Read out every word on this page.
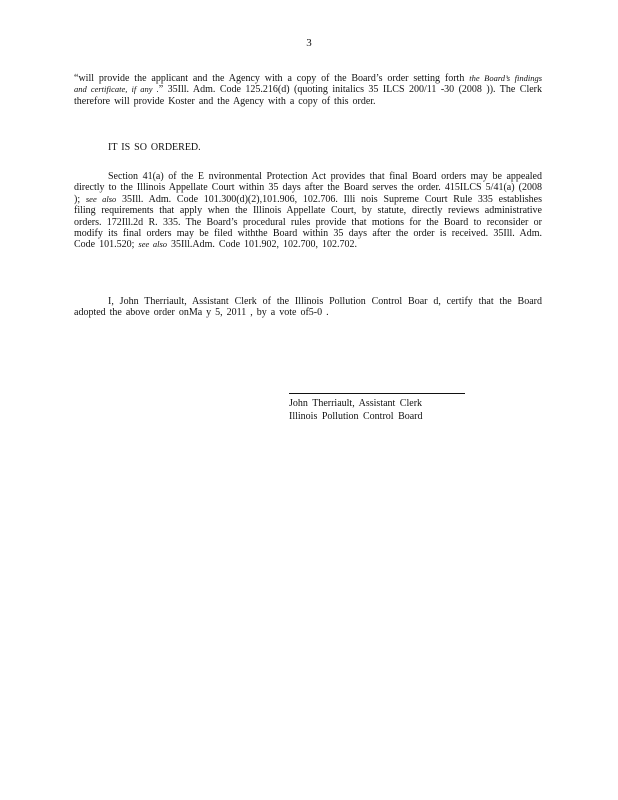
3
“will provide the applicant and the Agency with a copy of the Board’s order setting forth the Board’s findings and certificate, if any .” 35Ill. Adm. Code 125.216(d) (quoting initalics 35 ILCS 200/11 -30 (2008 )). The Clerk therefore will provide Koster and the Agency with a copy of this order.
IT IS SO ORDERED.
Section 41(a) of the E nvironmental Protection Act provides that final Board orders may be appealed directly to the Illinois Appellate Court within 35 days after the Board serves the order. 415ILCS 5/41(a) (2008 ); see also 35Ill. Adm. Code 101.300(d)(2),101.906, 102.706. Illi nois Supreme Court Rule 335 establishes filing requirements that apply when the Illinois Appellate Court, by statute, directly reviews administrative orders. 172Ill.2d R. 335. The Board’s procedural rules provide that motions for the Board to reconsider or modify its final orders may be filed withthe Board within 35 days after the order is received. 35Ill. Adm. Code 101.520; see also 35Ill.Adm. Code 101.902, 102.700, 102.702.
I, John Therriault, Assistant Clerk of the Illinois Pollution Control Boar d, certify that the Board adopted the above order onMa y 5, 2011 , by a vote of5-0 .
John Therriault, Assistant Clerk
Illinois Pollution Control Board
